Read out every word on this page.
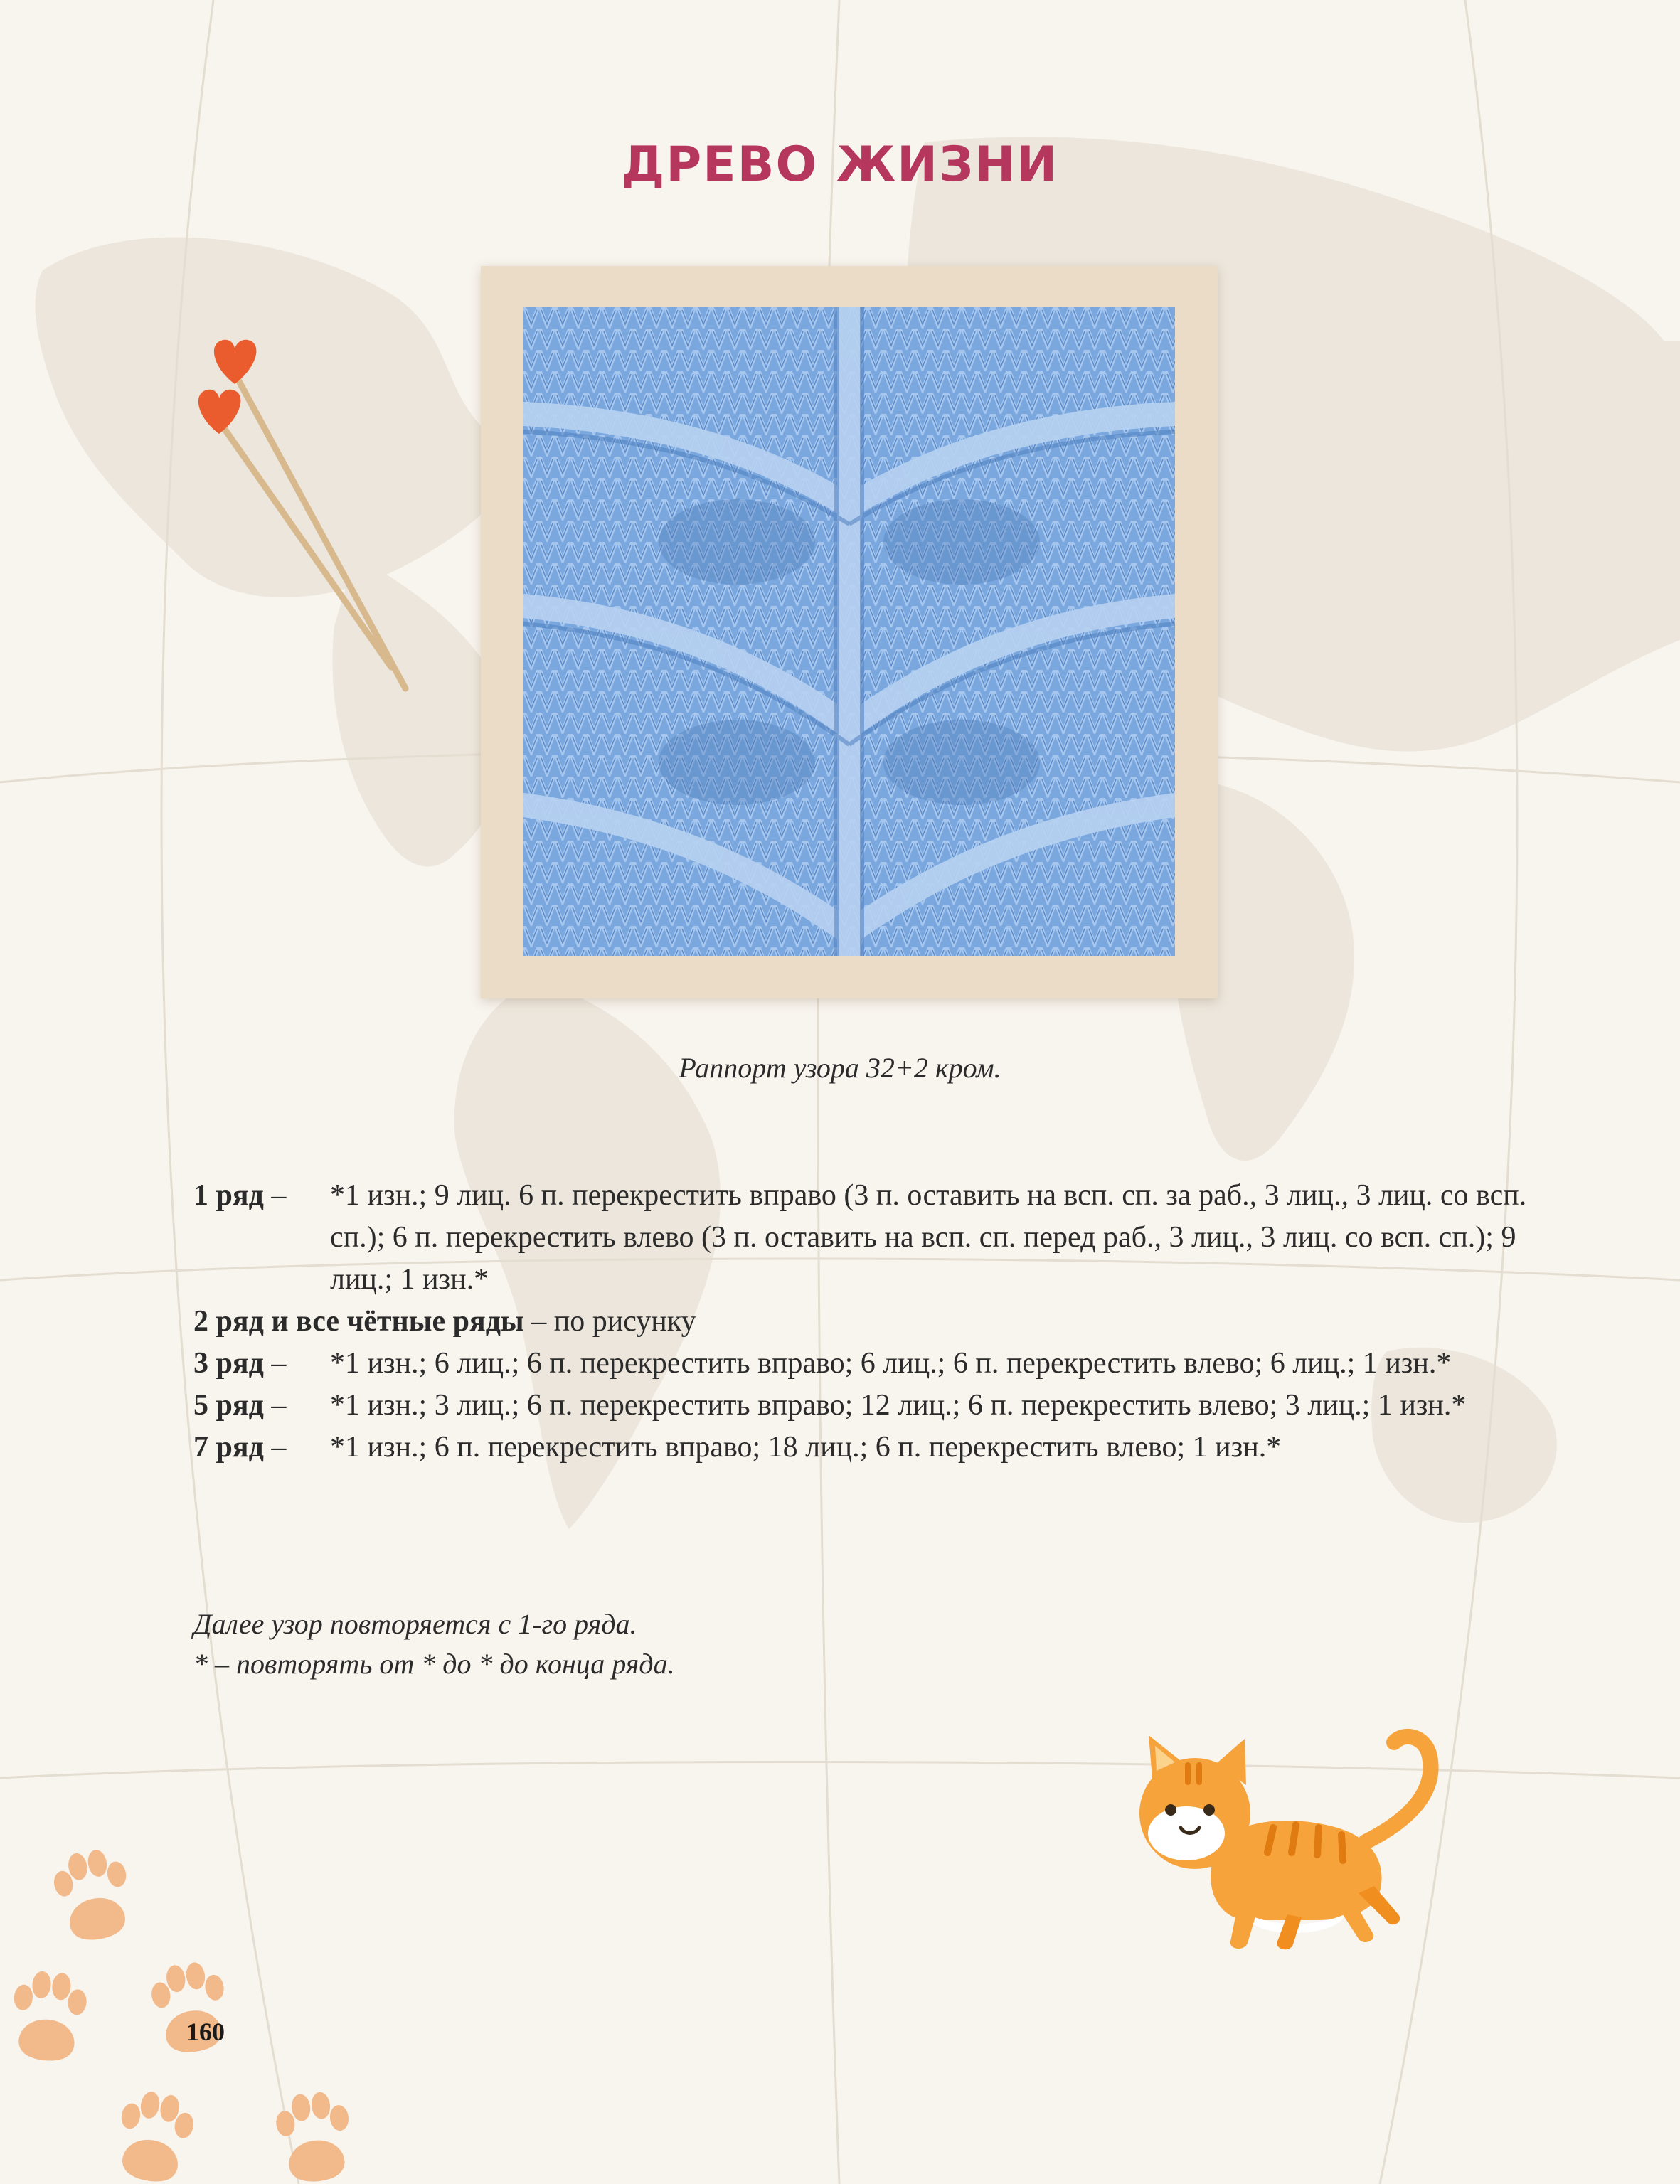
ДРЕВО ЖИЗНИ
Раппорт узора 32+2 кром.
1 ряд – *1 изн.; 9 лиц. 6 п. перекрестить вправо (3 п. оставить на всп. сп. за раб., 3 лиц., 3 лиц. со всп. сп.); 6 п. перекрестить влево (3 п. оставить на всп. сп. перед раб., 3 лиц., 3 лиц. со всп. сп.); 9 лиц.; 1 изн.*
2 ряд и все чётные ряды – по рисунку
3 ряд – *1 изн.; 6 лиц.; 6 п. перекрестить вправо; 6 лиц.; 6 п. перекрестить влево; 6 лиц.; 1 изн.*
5 ряд – *1 изн.; 3 лиц.; 6 п. перекрестить вправо; 12 лиц.; 6 п. перекрестить влево; 3 лиц.; 1 изн.*
7 ряд – *1 изн.; 6 п. перекрестить вправо; 18 лиц.; 6 п. перекрестить влево; 1 изн.*
Далее узор повторяется с 1-го ряда.
* – повторять от * до * до конца ряда.
160
